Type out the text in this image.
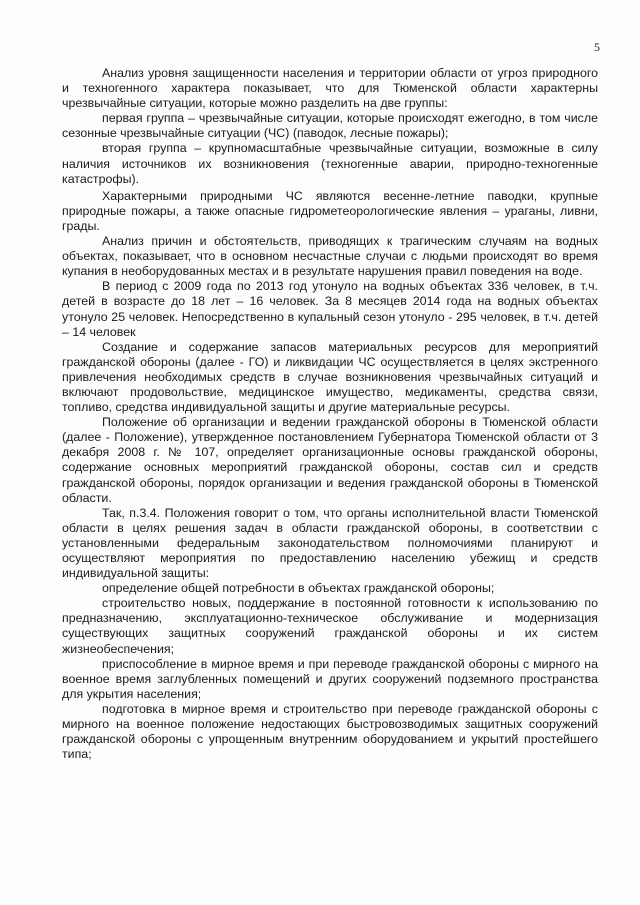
5

Анализ уровня защищенности населения и территории области от угроз природного и техногенного характера показывает, что для Тюменской области характерны чрезвычайные ситуации, которые можно разделить на две группы:

первая группа – чрезвычайные ситуации, которые происходят ежегодно, в том числе сезонные чрезвычайные ситуации (ЧС) (паводок, лесные пожары);

вторая группа – крупномасштабные чрезвычайные ситуации, возможные в силу наличия источников их возникновения (техногенные аварии, природно-техногенные катастрофы).

Характерными природными ЧС являются весенне-летние паводки, крупные природные пожары, а также опасные гидрометеорологические явления – ураганы, ливни, грады.

Анализ причин и обстоятельств, приводящих к трагическим случаям на водных объектах, показывает, что в основном несчастные случаи с людьми происходят во время купания в необорудованных местах и в результате нарушения правил поведения на воде.

В период с 2009 года по 2013 год утонуло на водных объектах 336 человек, в т.ч. детей в возрасте до 18 лет – 16 человек. За 8 месяцев 2014 года на водных объектах утонуло 25 человек. Непосредственно в купальный сезон утонуло - 295 человек, в т.ч. детей – 14 человек

Создание и содержание запасов материальных ресурсов для мероприятий гражданской обороны (далее - ГО) и ликвидации ЧС осуществляется в целях экстренного привлечения необходимых средств в случае возникновения чрезвычайных ситуаций и включают продовольствие, медицинское имущество, медикаменты, средства связи, топливо, средства индивидуальной защиты и другие материальные ресурсы.

Положение об организации и ведении гражданской обороны в Тюменской области (далее - Положение), утвержденное постановлением Губернатора Тюменской области от 3 декабря 2008 г. № 107, определяет организационные основы гражданской обороны, содержание основных мероприятий гражданской обороны, состав сил и средств гражданской обороны, порядок организации и ведения гражданской обороны в Тюменской области.

Так, п.3.4. Положения говорит о том, что органы исполнительной власти Тюменской области в целях решения задач в области гражданской обороны, в соответствии с установленными федеральным законодательством полномочиями планируют и осуществляют мероприятия по предоставлению населению убежищ и средств индивидуальной защиты:

определение общей потребности в объектах гражданской обороны;

строительство новых, поддержание в постоянной готовности к использованию по предназначению, эксплуатационно-техническое обслуживание и модернизация существующих защитных сооружений гражданской обороны и их систем жизнеобеспечения;

приспособление в мирное время и при переводе гражданской обороны с мирного на военное время заглубленных помещений и других сооружений подземного пространства для укрытия населения;

подготовка в мирное время и строительство при переводе гражданской обороны с мирного на военное положение недостающих быстровозводимых защитных сооружений гражданской обороны с упрощенным внутренним оборудованием и укрытий простейшего типа;
